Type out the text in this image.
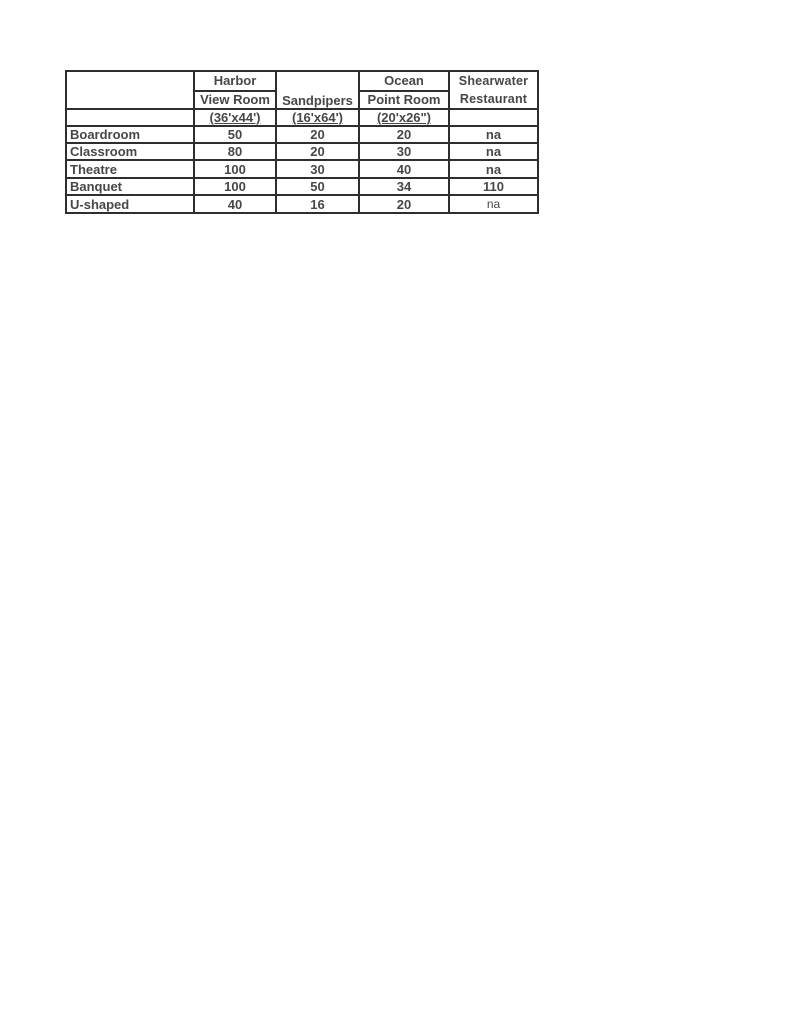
	Harbor	Sandpipers	Ocean	Shearwater
Restaurant

	View Room		Point Room	
	(36'x44')	(16'x64')	(20'x26")	
Boardroom	50	20	20	na
Classroom	80	20	30	na
Theatre	100	30	40	na
Banquet	100	50	34	110
U-shaped	40	16	20	na
